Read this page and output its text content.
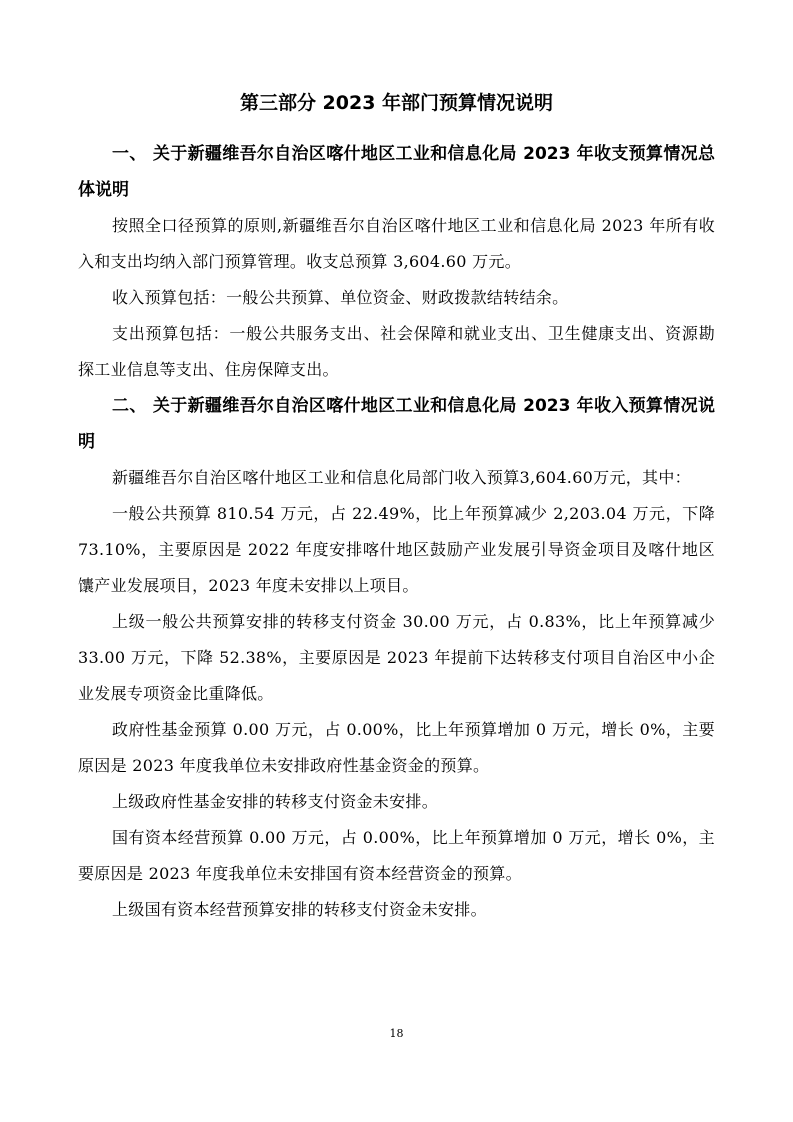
第三部分 2023 年部门预算情况说明
一、 关于新疆维吾尔自治区喀什地区工业和信息化局 2023 年收支预算情况总体说明

按照全口径预算的原则,新疆维吾尔自治区喀什地区工业和信息化局 2023 年所有收入和支出均纳入部门预算管理。收支总预算 3,604.60 万元。

收入预算包括：一般公共预算、单位资金、财政拨款结转结余。

支出预算包括：一般公共服务支出、社会保障和就业支出、卫生健康支出、资源勘探工业信息等支出、住房保障支出。

二、 关于新疆维吾尔自治区喀什地区工业和信息化局 2023 年收入预算情况说明

新疆维吾尔自治区喀什地区工业和信息化局部门收入预算3,604.60万元，其中：

一般公共预算 810.54 万元，占 22.49%，比上年预算减少 2,203.04 万元，下降 73.10%，主要原因是 2022 年度安排喀什地区鼓励产业发展引导资金项目及喀什地区馕产业发展项目，2023 年度未安排以上项目。

上级一般公共预算安排的转移支付资金 30.00 万元，占 0.83%，比上年预算减少 33.00 万元，下降 52.38%，主要原因是 2023 年提前下达转移支付项目自治区中小企业发展专项资金比重降低。

政府性基金预算 0.00 万元，占 0.00%，比上年预算增加 0 万元，增长 0%，主要原因是 2023 年度我单位未安排政府性基金资金的预算。

上级政府性基金安排的转移支付资金未安排。

国有资本经营预算 0.00 万元，占 0.00%，比上年预算增加 0 万元，增长 0%，主要原因是 2023 年度我单位未安排国有资本经营资金的预算。

上级国有资本经营预算安排的转移支付资金未安排。

18
